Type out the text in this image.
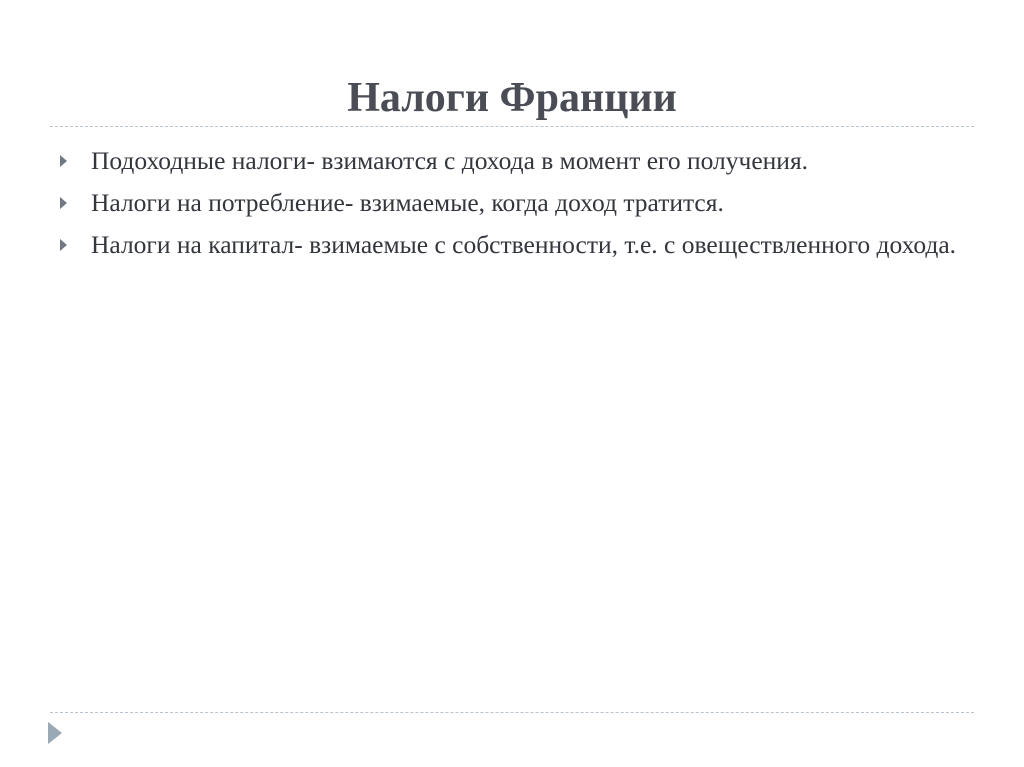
Налоги Франции
Подоходные налоги- взимаются с дохода в момент его получения.
Налоги на потребление- взимаемые, когда доход тратится.
Налоги на капитал- взимаемые с собственности, т.е. с овеществленного дохода.
